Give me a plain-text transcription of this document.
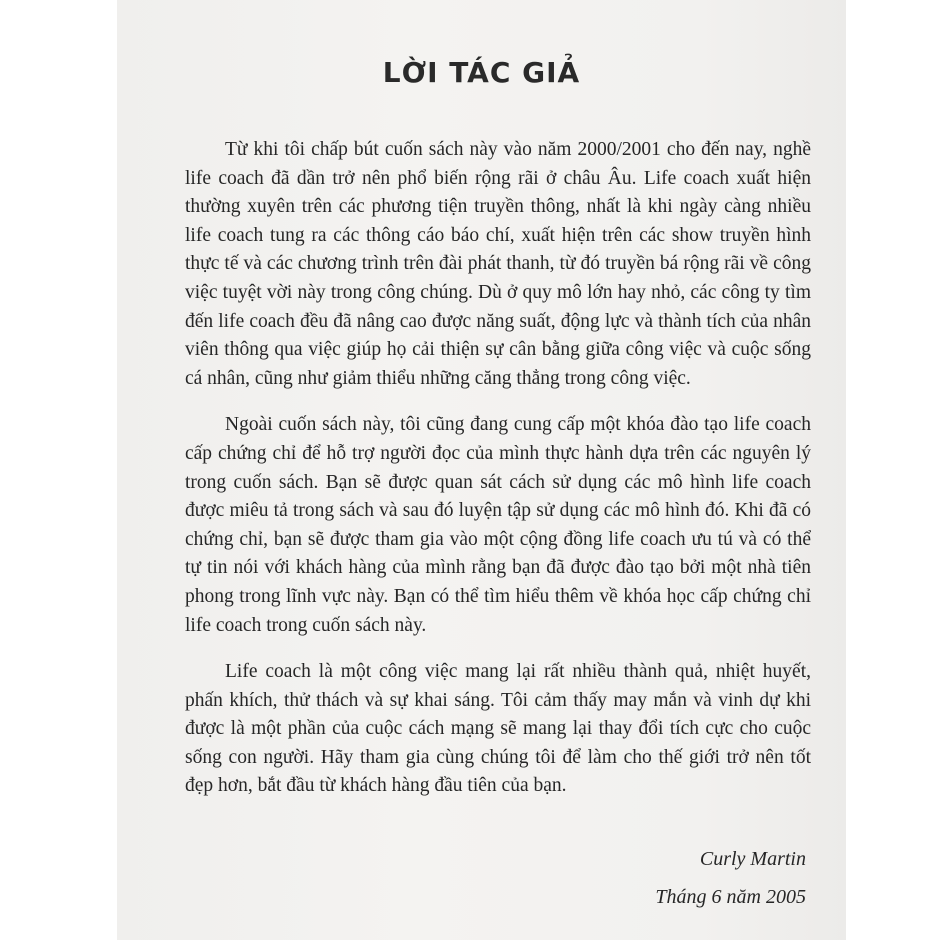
LỜI TÁC GIẢ

Từ khi tôi chấp bút cuốn sách này vào năm 2000/2001 cho đến nay, nghề life coach đã dần trở nên phổ biến rộng rãi ở châu Âu. Life coach xuất hiện thường xuyên trên các phương tiện truyền thông, nhất là khi ngày càng nhiều life coach tung ra các thông cáo báo chí, xuất hiện trên các show truyền hình thực tế và các chương trình trên đài phát thanh, từ đó truyền bá rộng rãi về công việc tuyệt vời này trong công chúng. Dù ở quy mô lớn hay nhỏ, các công ty tìm đến life coach đều đã nâng cao được năng suất, động lực và thành tích của nhân viên thông qua việc giúp họ cải thiện sự cân bằng giữa công việc và cuộc sống cá nhân, cũng như giảm thiểu những căng thẳng trong công việc.

Ngoài cuốn sách này, tôi cũng đang cung cấp một khóa đào tạo life coach cấp chứng chỉ để hỗ trợ người đọc của mình thực hành dựa trên các nguyên lý trong cuốn sách. Bạn sẽ được quan sát cách sử dụng các mô hình life coach được miêu tả trong sách và sau đó luyện tập sử dụng các mô hình đó. Khi đã có chứng chỉ, bạn sẽ được tham gia vào một cộng đồng life coach ưu tú và có thể tự tin nói với khách hàng của mình rằng bạn đã được đào tạo bởi một nhà tiên phong trong lĩnh vực này. Bạn có thể tìm hiểu thêm về khóa học cấp chứng chỉ life coach trong cuốn sách này.

Life coach là một công việc mang lại rất nhiều thành quả, nhiệt huyết, phấn khích, thử thách và sự khai sáng. Tôi cảm thấy may mắn và vinh dự khi được là một phần của cuộc cách mạng sẽ mang lại thay đổi tích cực cho cuộc sống con người. Hãy tham gia cùng chúng tôi để làm cho thế giới trở nên tốt đẹp hơn, bắt đầu từ khách hàng đầu tiên của bạn.

Curly Martin

Tháng 6 năm 2005
